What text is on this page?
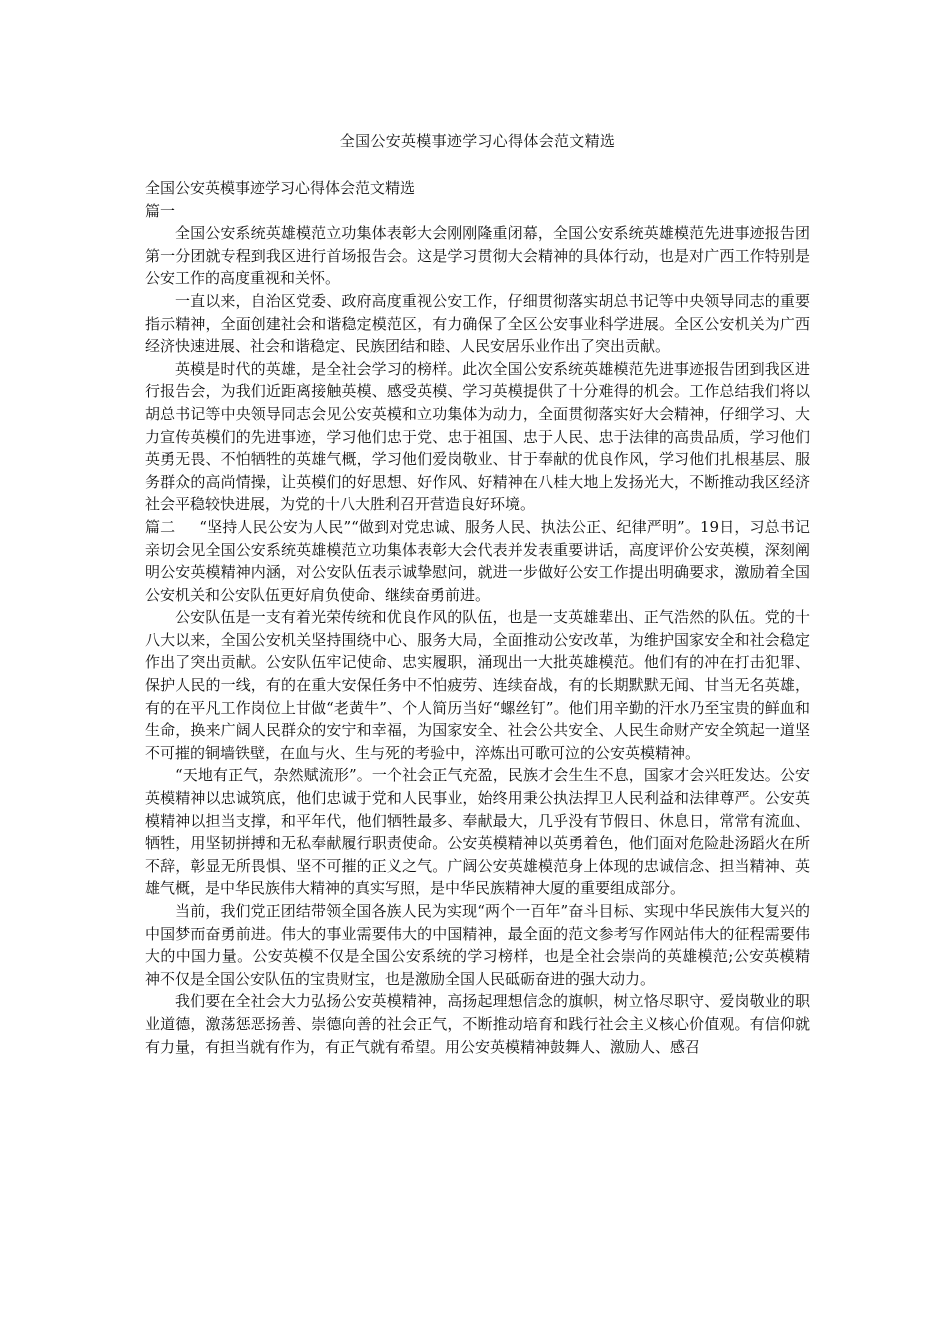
全国公安英模事迹学习心得体会范文精选

全国公安英模事迹学习心得体会范文精选

篇一

全国公安系统英雄模范立功集体表彰大会刚刚隆重闭幕，全国公安系统英雄模范先进事迹报告团第一分团就专程到我区进行首场报告会。这是学习贯彻大会精神的具体行动，也是对广西工作特别是公安工作的高度重视和关怀。

一直以来，自治区党委、政府高度重视公安工作，仔细贯彻落实胡总书记等中央领导同志的重要指示精神，全面创建社会和谐稳定模范区，有力确保了全区公安事业科学进展。全区公安机关为广西经济快速进展、社会和谐稳定、民族团结和睦、人民安居乐业作出了突出贡献。

英模是时代的英雄，是全社会学习的榜样。此次全国公安系统英雄模范先进事迹报告团到我区进行报告会，为我们近距离接触英模、感受英模、学习英模提供了十分难得的机会。工作总结我们将以胡总书记等中央领导同志会见公安英模和立功集体为动力，全面贯彻落实好大会精神，仔细学习、大力宣传英模们的先进事迹，学习他们忠于党、忠于祖国、忠于人民、忠于法律的高贵品质，学习他们英勇无畏、不怕牺牲的英雄气概，学习他们爱岗敬业、甘于奉献的优良作风，学习他们扎根基层、服务群众的高尚情操，让英模们的好思想、好作风、好精神在八桂大地上发扬光大，不断推动我区经济社会平稳较快进展，为党的十八大胜利召开营造良好环境。

篇二 “坚持人民公安为人民”“做到对党忠诚、服务人民、执法公正、纪律严明”。19日，习总书记亲切会见全国公安系统英雄模范立功集体表彰大会代表并发表重要讲话，高度评价公安英模，深刻阐明公安英模精神内涵，对公安队伍表示诚挚慰问，就进一步做好公安工作提出明确要求，激励着全国公安机关和公安队伍更好肩负使命、继续奋勇前进。

公安队伍是一支有着光荣传统和优良作风的队伍，也是一支英雄辈出、正气浩然的队伍。党的十八大以来，全国公安机关坚持围绕中心、服务大局，全面推动公安改革，为维护国家安全和社会稳定作出了突出贡献。公安队伍牢记使命、忠实履职，涌现出一大批英雄模范。他们有的冲在打击犯罪、保护人民的一线，有的在重大安保任务中不怕疲劳、连续奋战，有的长期默默无闻、甘当无名英雄，有的在平凡工作岗位上甘做“老黄牛”、个人简历当好“螺丝钉”。他们用辛勤的汗水乃至宝贵的鲜血和生命，换来广阔人民群众的安宁和幸福，为国家安全、社会公共安全、人民生命财产安全筑起一道坚不可摧的铜墙铁壁，在血与火、生与死的考验中，淬炼出可歌可泣的公安英模精神。

“天地有正气，杂然赋流形”。一个社会正气充盈，民族才会生生不息，国家才会兴旺发达。公安英模精神以忠诚筑底，他们忠诚于党和人民事业，始终用秉公执法捍卫人民利益和法律尊严。公安英模精神以担当支撑，和平年代，他们牺牲最多、奉献最大，几乎没有节假日、休息日，常常有流血、牺牲，用坚韧拼搏和无私奉献履行职责使命。公安英模精神以英勇着色，他们面对危险赴汤蹈火在所不辞，彰显无所畏惧、坚不可摧的正义之气。广阔公安英雄模范身上体现的忠诚信念、担当精神、英雄气概，是中华民族伟大精神的真实写照，是中华民族精神大厦的重要组成部分。

当前，我们党正团结带领全国各族人民为实现“两个一百年”奋斗目标、实现中华民族伟大复兴的中国梦而奋勇前进。伟大的事业需要伟大的中国精神，最全面的范文参考写作网站伟大的征程需要伟大的中国力量。公安英模不仅是全国公安系统的学习榜样，也是全社会崇尚的英雄模范;公安英模精神不仅是全国公安队伍的宝贵财宝，也是激励全国人民砥砺奋进的强大动力。

我们要在全社会大力弘扬公安英模精神，高扬起理想信念的旗帜，树立恪尽职守、爱岗敬业的职业道德，激荡惩恶扬善、崇德向善的社会正气，不断推动培育和践行社会主义核心价值观。有信仰就有力量，有担当就有作为，有正气就有希望。用公安英模精神鼓舞人、激励人、感召
